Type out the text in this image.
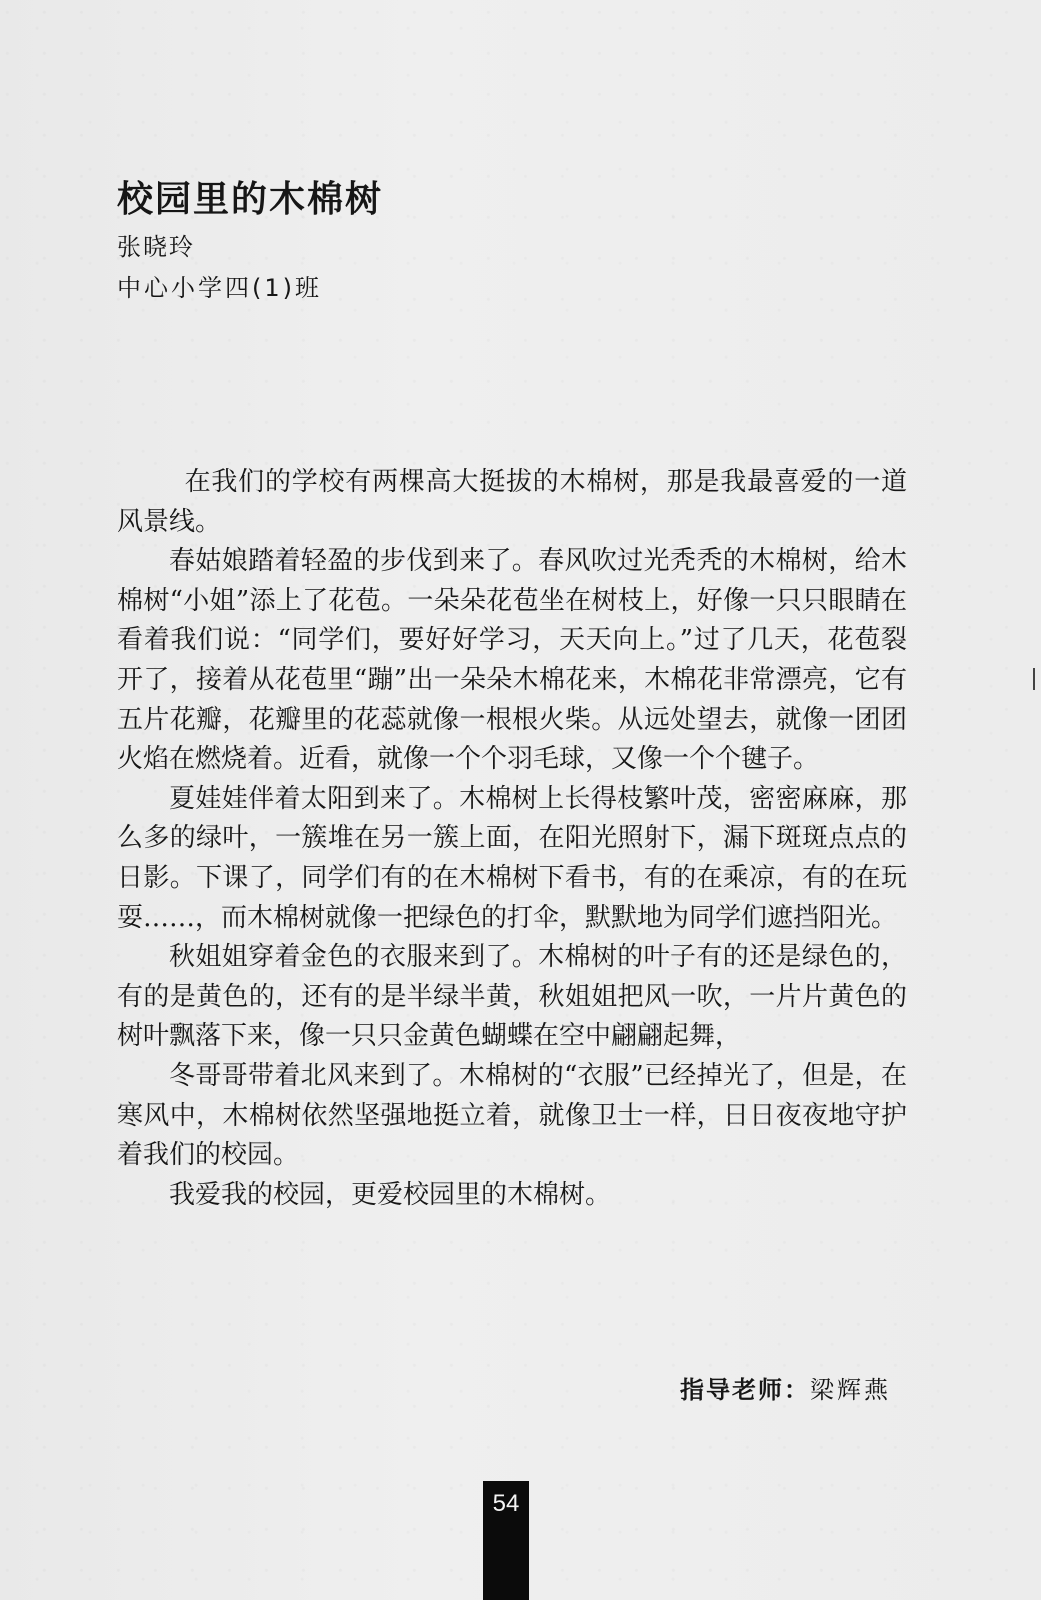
校园里的木棉树
张晓玲
中心小学四(1)班

在我们的学校有两棵高大挺拔的木棉树，那是我最喜爱的一道风景线。

春姑娘踏着轻盈的步伐到来了。春风吹过光秃秃的木棉树，给木棉树“小姐”添上了花苞。一朵朵花苞坐在树枝上，好像一只只眼睛在看着我们说：“同学们，要好好学习，天天向上。”过了几天，花苞裂开了，接着从花苞里“蹦”出一朵朵木棉花来，木棉花非常漂亮，它有五片花瓣，花瓣里的花蕊就像一根根火柴。从远处望去，就像一团团火焰在燃烧着。近看，就像一个个羽毛球，又像一个个毽子。

夏娃娃伴着太阳到来了。木棉树上长得枝繁叶茂，密密麻麻，那么多的绿叶，一簇堆在另一簇上面，在阳光照射下，漏下斑斑点点的日影。下课了，同学们有的在木棉树下看书，有的在乘凉，有的在玩耍……，而木棉树就像一把绿色的打伞，默默地为同学们遮挡阳光。

秋姐姐穿着金色的衣服来到了。木棉树的叶子有的还是绿色的，有的是黄色的，还有的是半绿半黄，秋姐姐把风一吹，一片片黄色的树叶飘落下来，像一只只金黄色蝴蝶在空中翩翩起舞，

冬哥哥带着北风来到了。木棉树的“衣服”已经掉光了，但是，在寒风中，木棉树依然坚强地挺立着，就像卫士一样，日日夜夜地守护着我们的校园。

我爱我的校园，更爱校园里的木棉树。

指导老师：梁辉燕
54
